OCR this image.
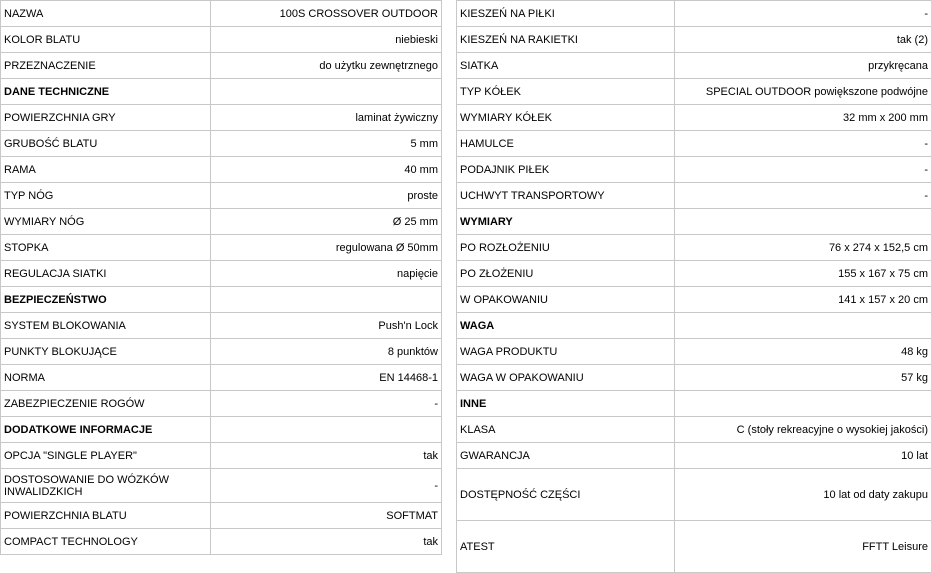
NAZWA	100S CROSSOVER OUTDOOR
KOLOR BLATU	niebieski
PRZEZNACZENIE	do użytku zewnętrznego
DANE TECHNICZNE	
POWIERZCHNIA GRY	laminat żywiczny
GRUBOŚĆ BLATU	5 mm
RAMA	40 mm
TYP NÓG	proste
WYMIARY NÓG	Ø 25 mm
STOPKA	regulowana Ø 50mm
REGULACJA SIATKI	napięcie
BEZPIECZEŃSTWO	
SYSTEM BLOKOWANIA	Push'n Lock
PUNKTY BLOKUJĄCE	8 punktów
NORMA	EN 14468-1
ZABEZPIECZENIE ROGÓW	-
DODATKOWE INFORMACJE	
OPCJA "SINGLE PLAYER"	tak
DOSTOSOWANIE DO WÓZKÓW INWALIDZKICH	-
POWIERZCHNIA BLATU	SOFTMAT
COMPACT TECHNOLOGY	tak
KIESZEŃ NA PIŁKI	-
KIESZEŃ NA RAKIETKI	tak (2)
SIATKA	przykręcana
TYP KÓŁEK	SPECIAL OUTDOOR powiększone podwójne
WYMIARY KÓŁEK	32 mm x 200 mm
HAMULCE	-
PODAJNIK PIŁEK	-
UCHWYT TRANSPORTOWY	-
WYMIARY	
PO ROZŁOŻENIU	76 x 274 x 152,5 cm
PO ZŁOŻENIU	155 x 167 x 75 cm
W OPAKOWANIU	141 x 157 x 20 cm
WAGA	
WAGA PRODUKTU	48 kg
WAGA W OPAKOWANIU	57 kg
INNE	
KLASA	C (stoły rekreacyjne o wysokiej jakości)
GWARANCJA	10 lat
DOSTĘPNOŚĆ CZĘŚCI	10 lat od daty zakupu
ATEST	FFTT Leisure
